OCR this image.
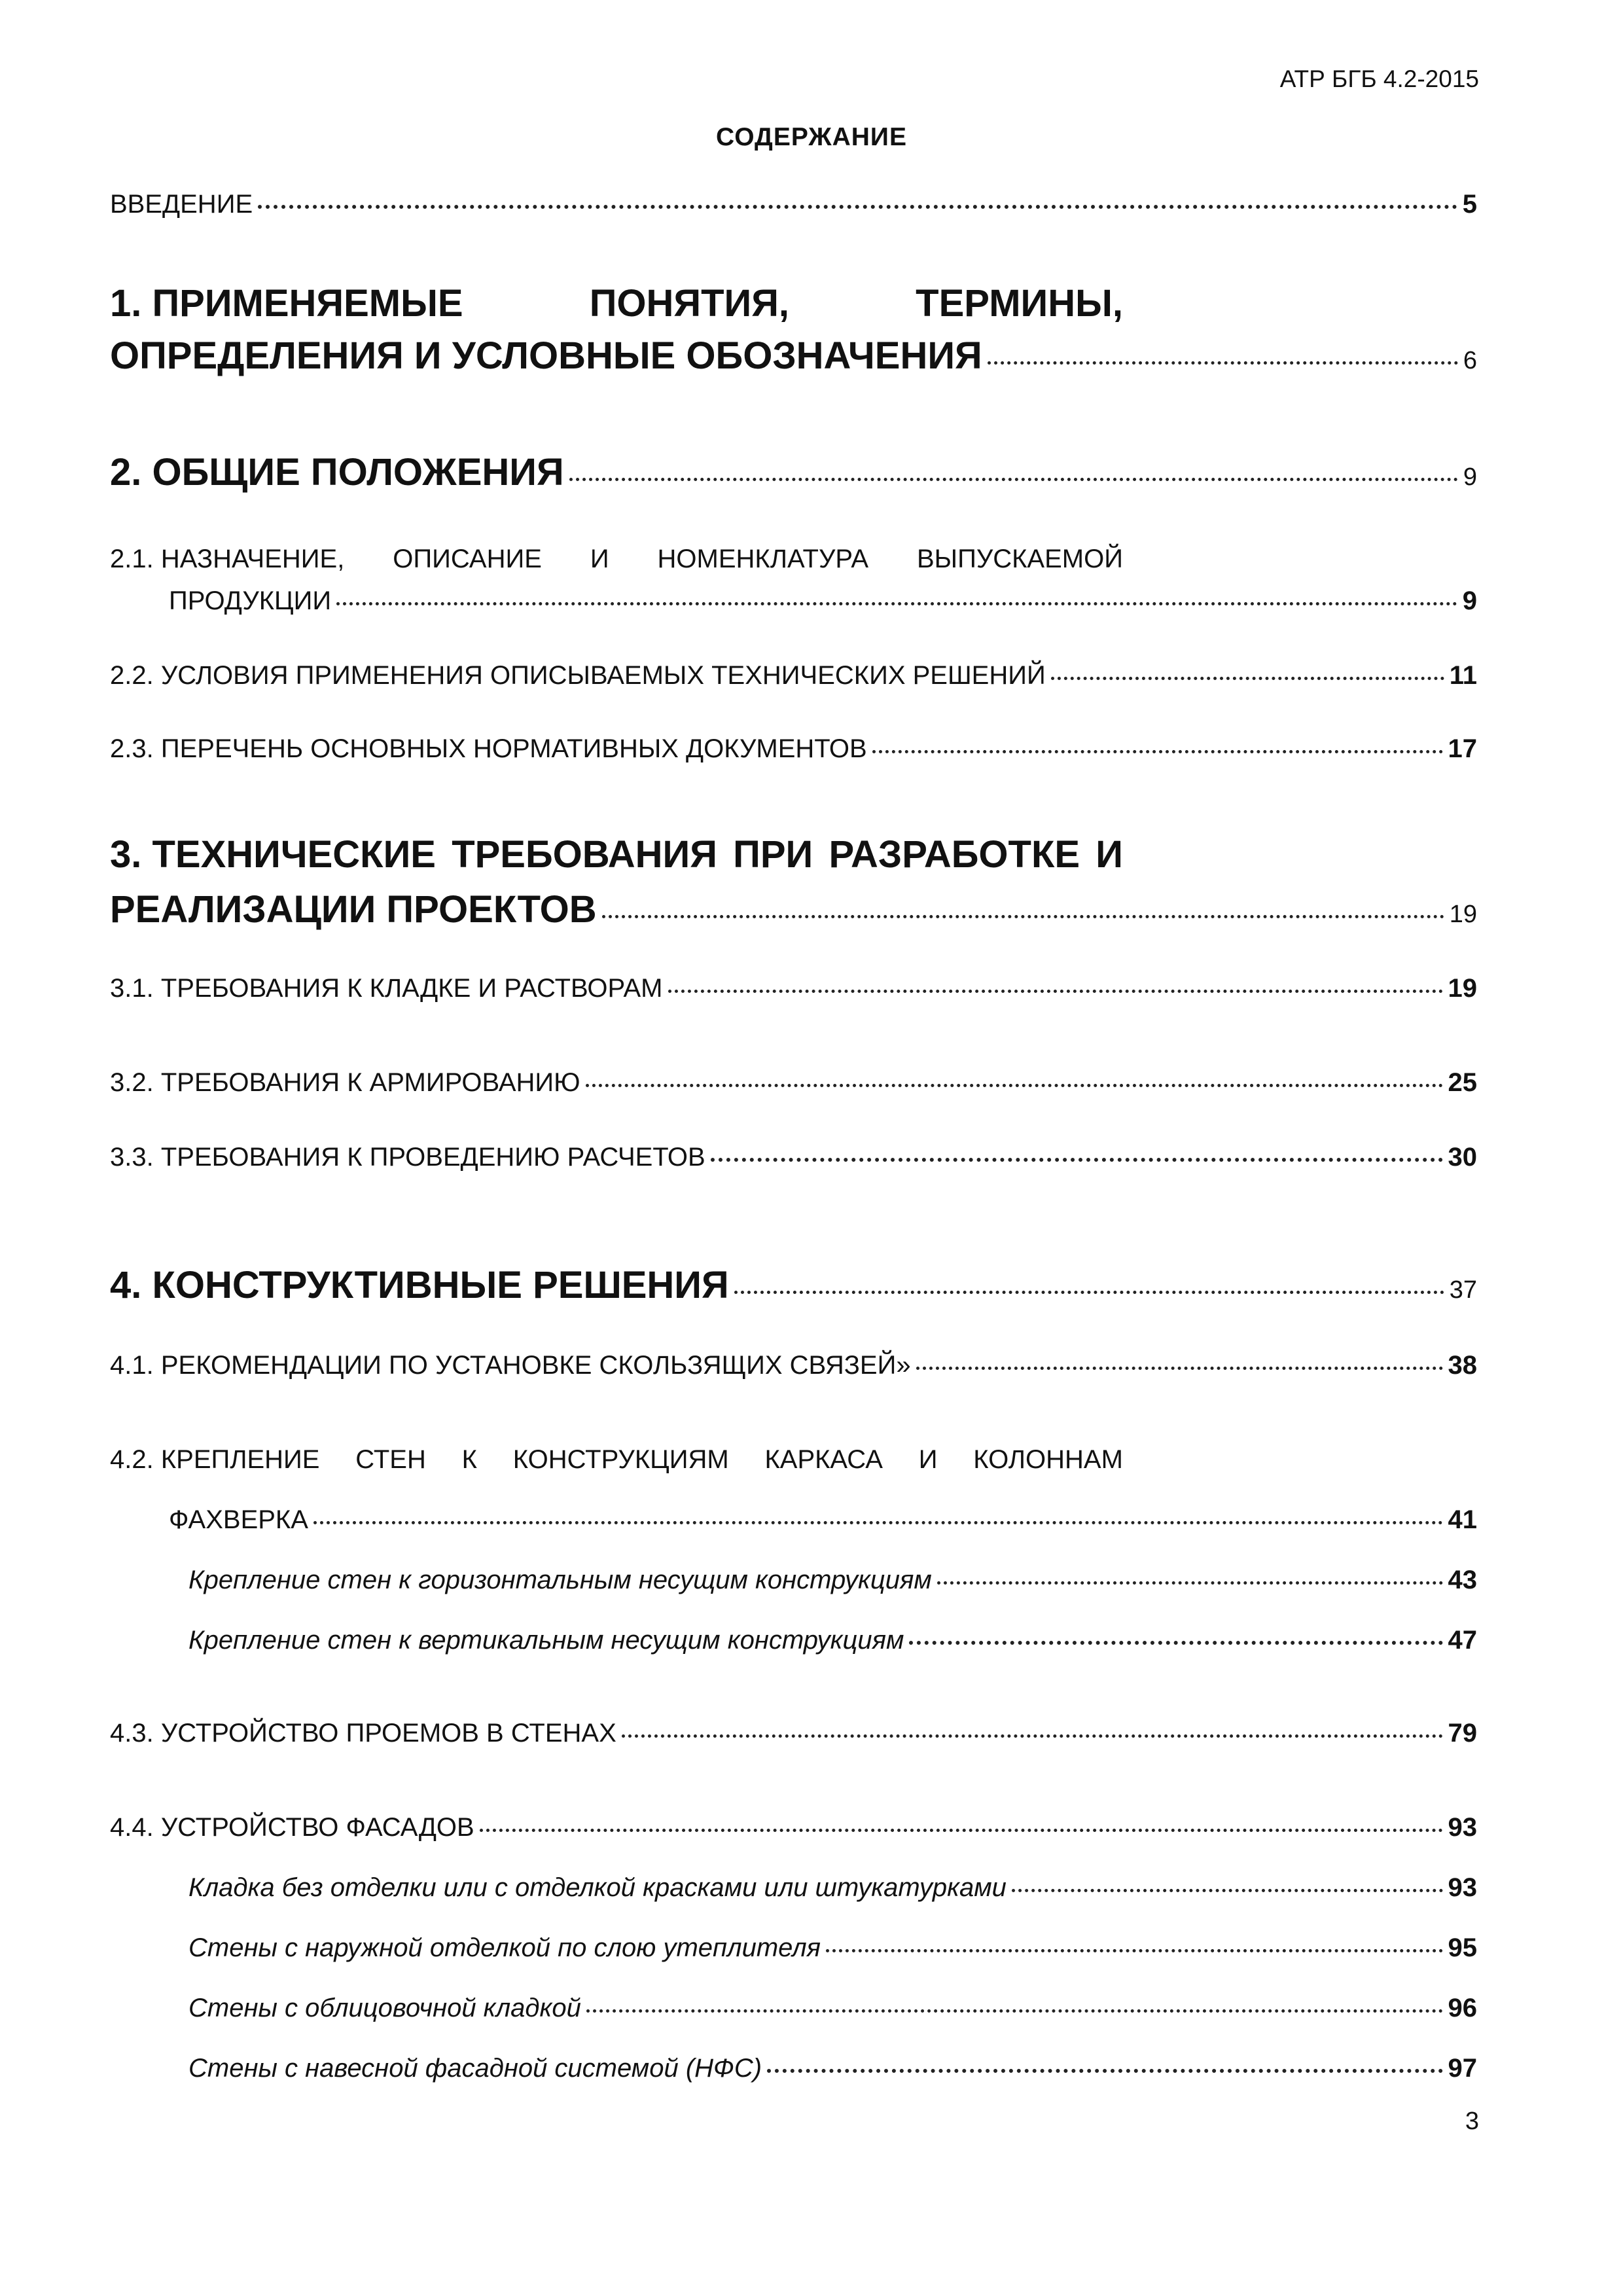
АТР БГБ 4.2-2015
СОДЕРЖАНИЕ
ВВЕДЕНИЕ	5
1. ПРИМЕНЯЕМЫЕ	ПОНЯТИЯ,	ТЕРМИНЫ,
ОПРЕДЕЛЕНИЯ И УСЛОВНЫЕ ОБОЗНАЧЕНИЯ	6
2. ОБЩИЕ ПОЛОЖЕНИЯ	9
2.1. НАЗНАЧЕНИЕ, ОПИСАНИЕ И НОМЕНКЛАТУРА ВЫПУСКАЕМОЙ
ПРОДУКЦИИ	9
2.2. УСЛОВИЯ ПРИМЕНЕНИЯ ОПИСЫВАЕМЫХ ТЕХНИЧЕСКИХ РЕШЕНИЙ	11
2.3. ПЕРЕЧЕНЬ ОСНОВНЫХ НОРМАТИВНЫХ ДОКУМЕНТОВ	17
3. ТЕХНИЧЕСКИЕ ТРЕБОВАНИЯ ПРИ РАЗРАБОТКЕ И
РЕАЛИЗАЦИИ ПРОЕКТОВ	19
3.1. ТРЕБОВАНИЯ К КЛАДКЕ И РАСТВОРАМ	19
3.2. ТРЕБОВАНИЯ К АРМИРОВАНИЮ	25
3.3. ТРЕБОВАНИЯ К ПРОВЕДЕНИЮ РАСЧЕТОВ	30
4. КОНСТРУКТИВНЫЕ РЕШЕНИЯ	37
4.1. РЕКОМЕНДАЦИИ ПО УСТАНОВКЕ СКОЛЬЗЯЩИХ СВЯЗЕЙ»	38
4.2. КРЕПЛЕНИЕ СТЕН К КОНСТРУКЦИЯМ КАРКАСА И КОЛОННАМ
ФАХВЕРКА	41
Крепление стен к горизонтальным несущим конструкциям	43
Крепление стен к вертикальным несущим конструкциям	47
4.3. УСТРОЙСТВО ПРОЕМОВ В СТЕНАХ	79
4.4. УСТРОЙСТВО ФАСАДОВ	93
Кладка без отделки или с отделкой красками или штукатурками	93
Стены с наружной отделкой по слою утеплителя	95
Стены с облицовочной кладкой	96
Стены с навесной фасадной системой (НФС)	97
3
